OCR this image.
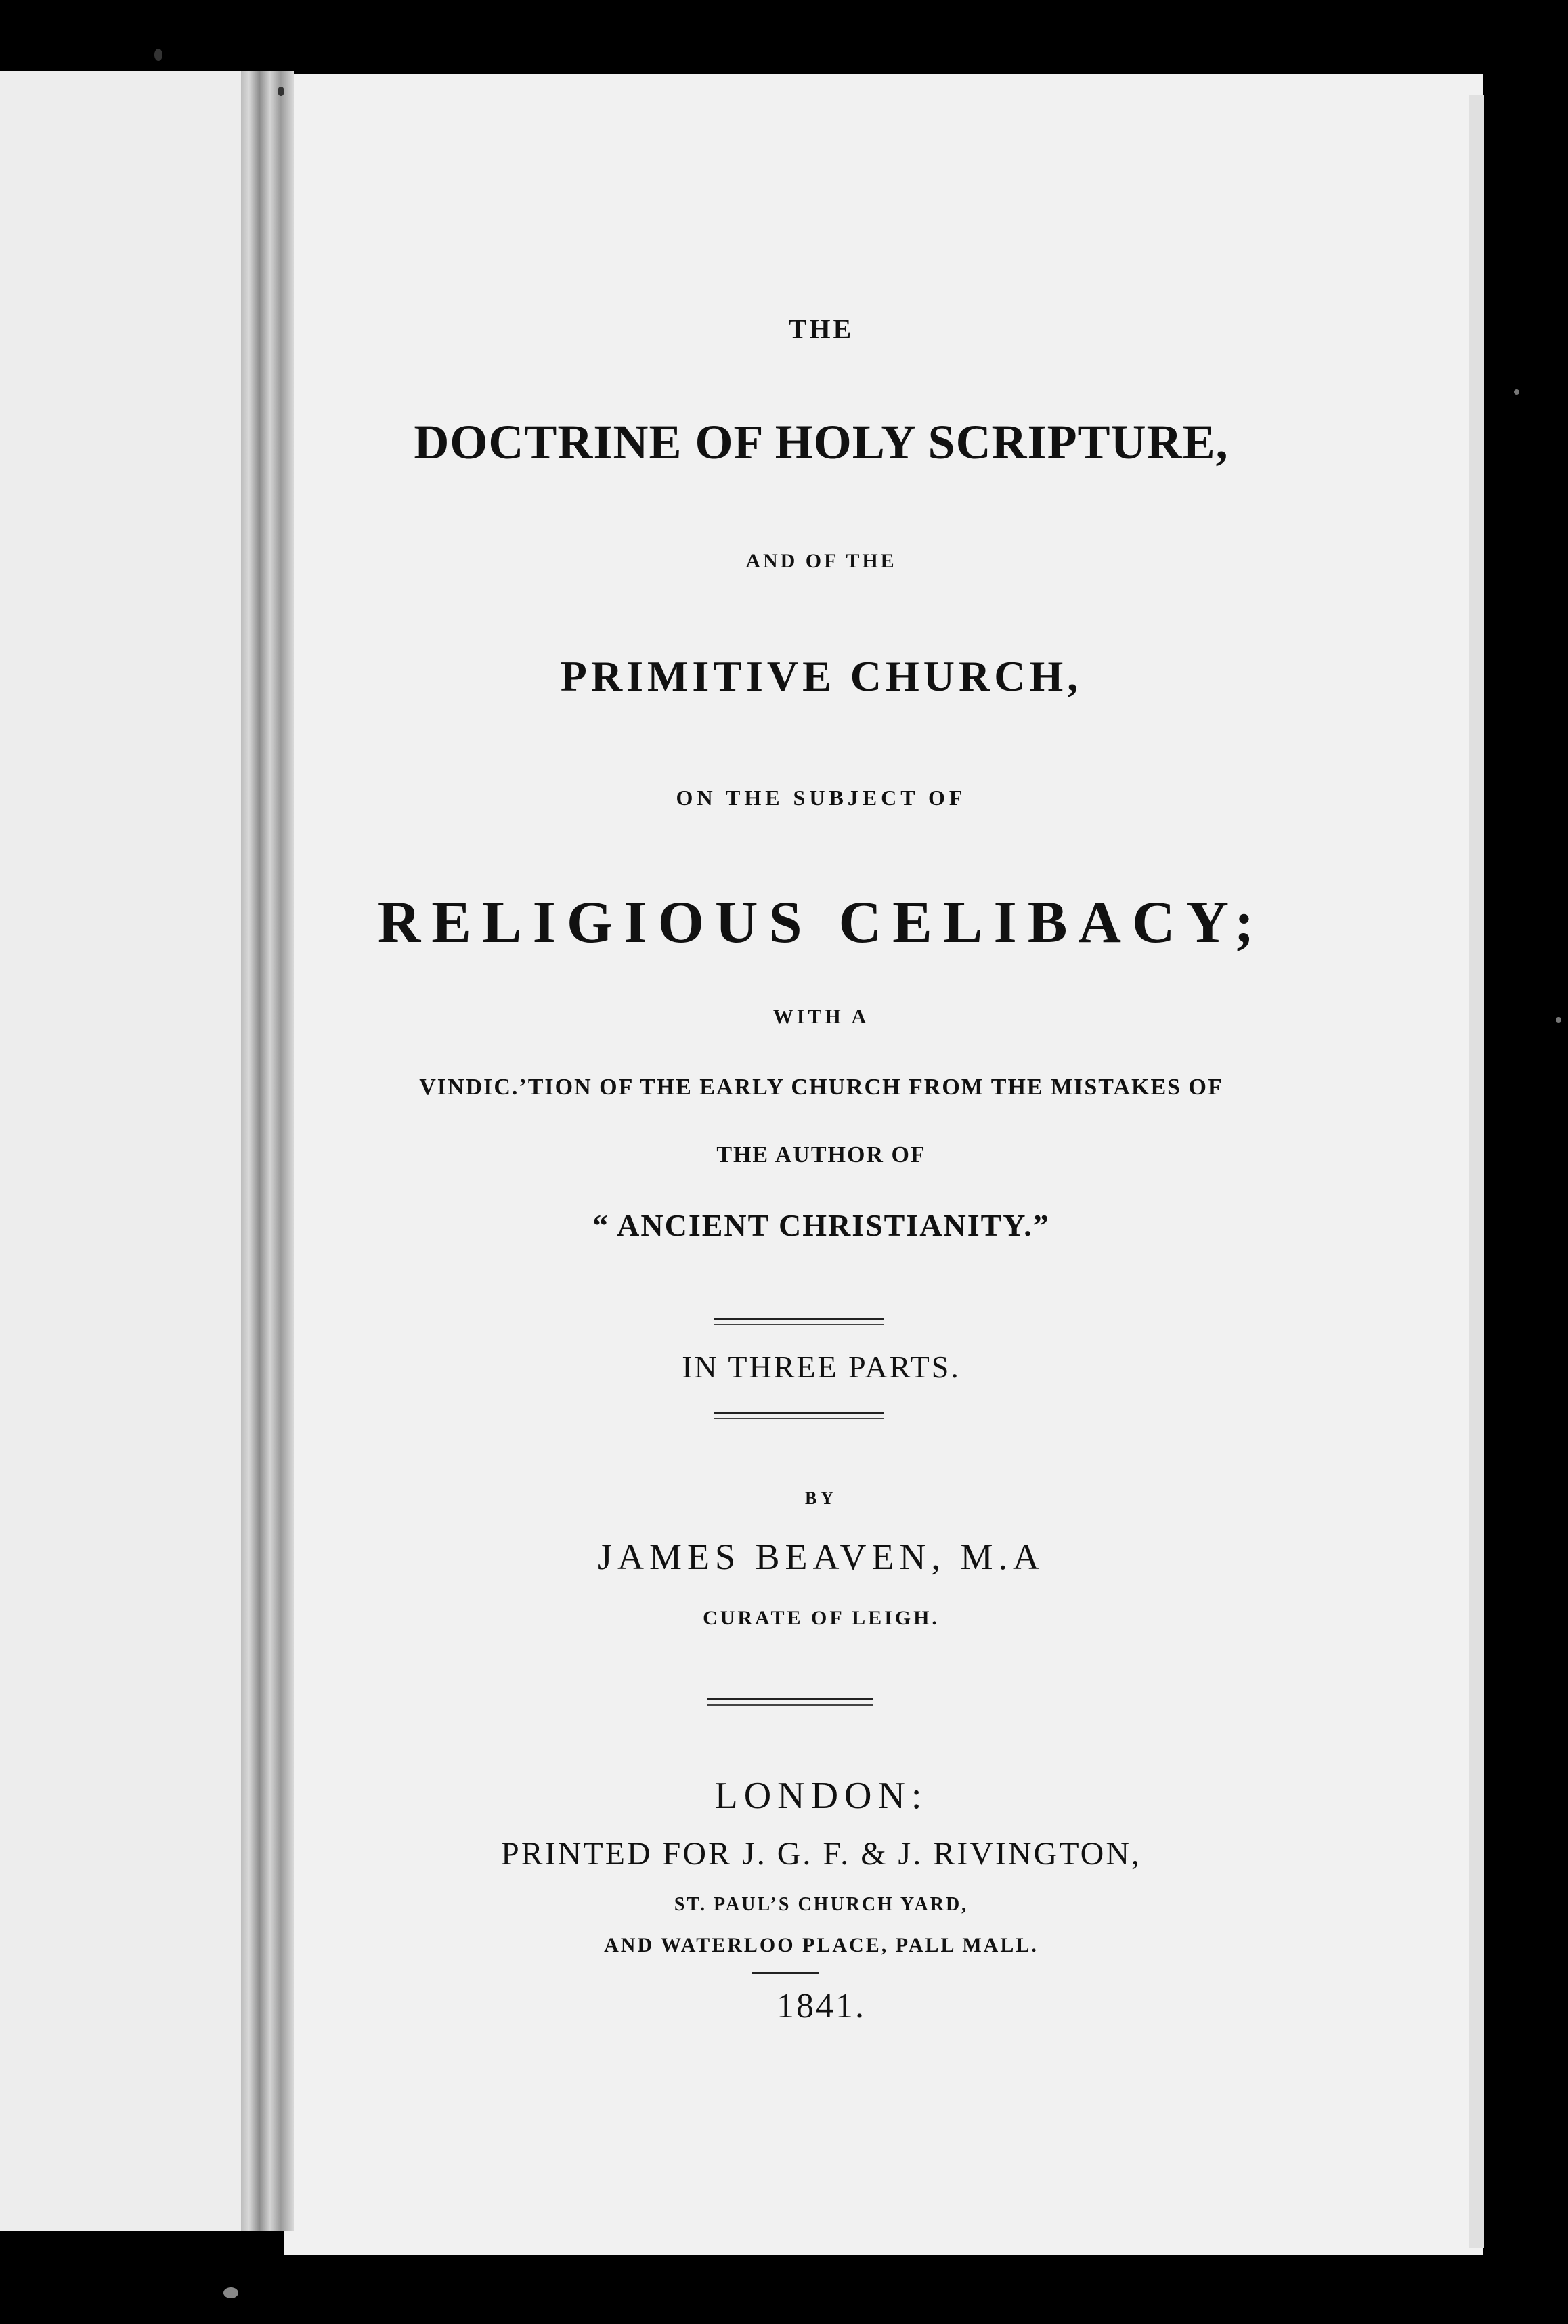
THE

DOCTRINE OF HOLY SCRIPTURE,

AND OF THE

PRIMITIVE CHURCH,

ON THE SUBJECT OF

RELIGIOUS CELIBACY;

WITH A

VINDIC.’TION OF THE EARLY CHURCH FROM THE MISTAKES OF

THE AUTHOR OF

“ ANCIENT CHRISTIANITY.”

IN THREE PARTS.

BY

JAMES BEAVEN, M.A

CURATE OF LEIGH.

LONDON:

PRINTED FOR J. G. F. & J. RIVINGTON,

ST. PAUL’S CHURCH YARD,

AND WATERLOO PLACE, PALL MALL.

1841.
